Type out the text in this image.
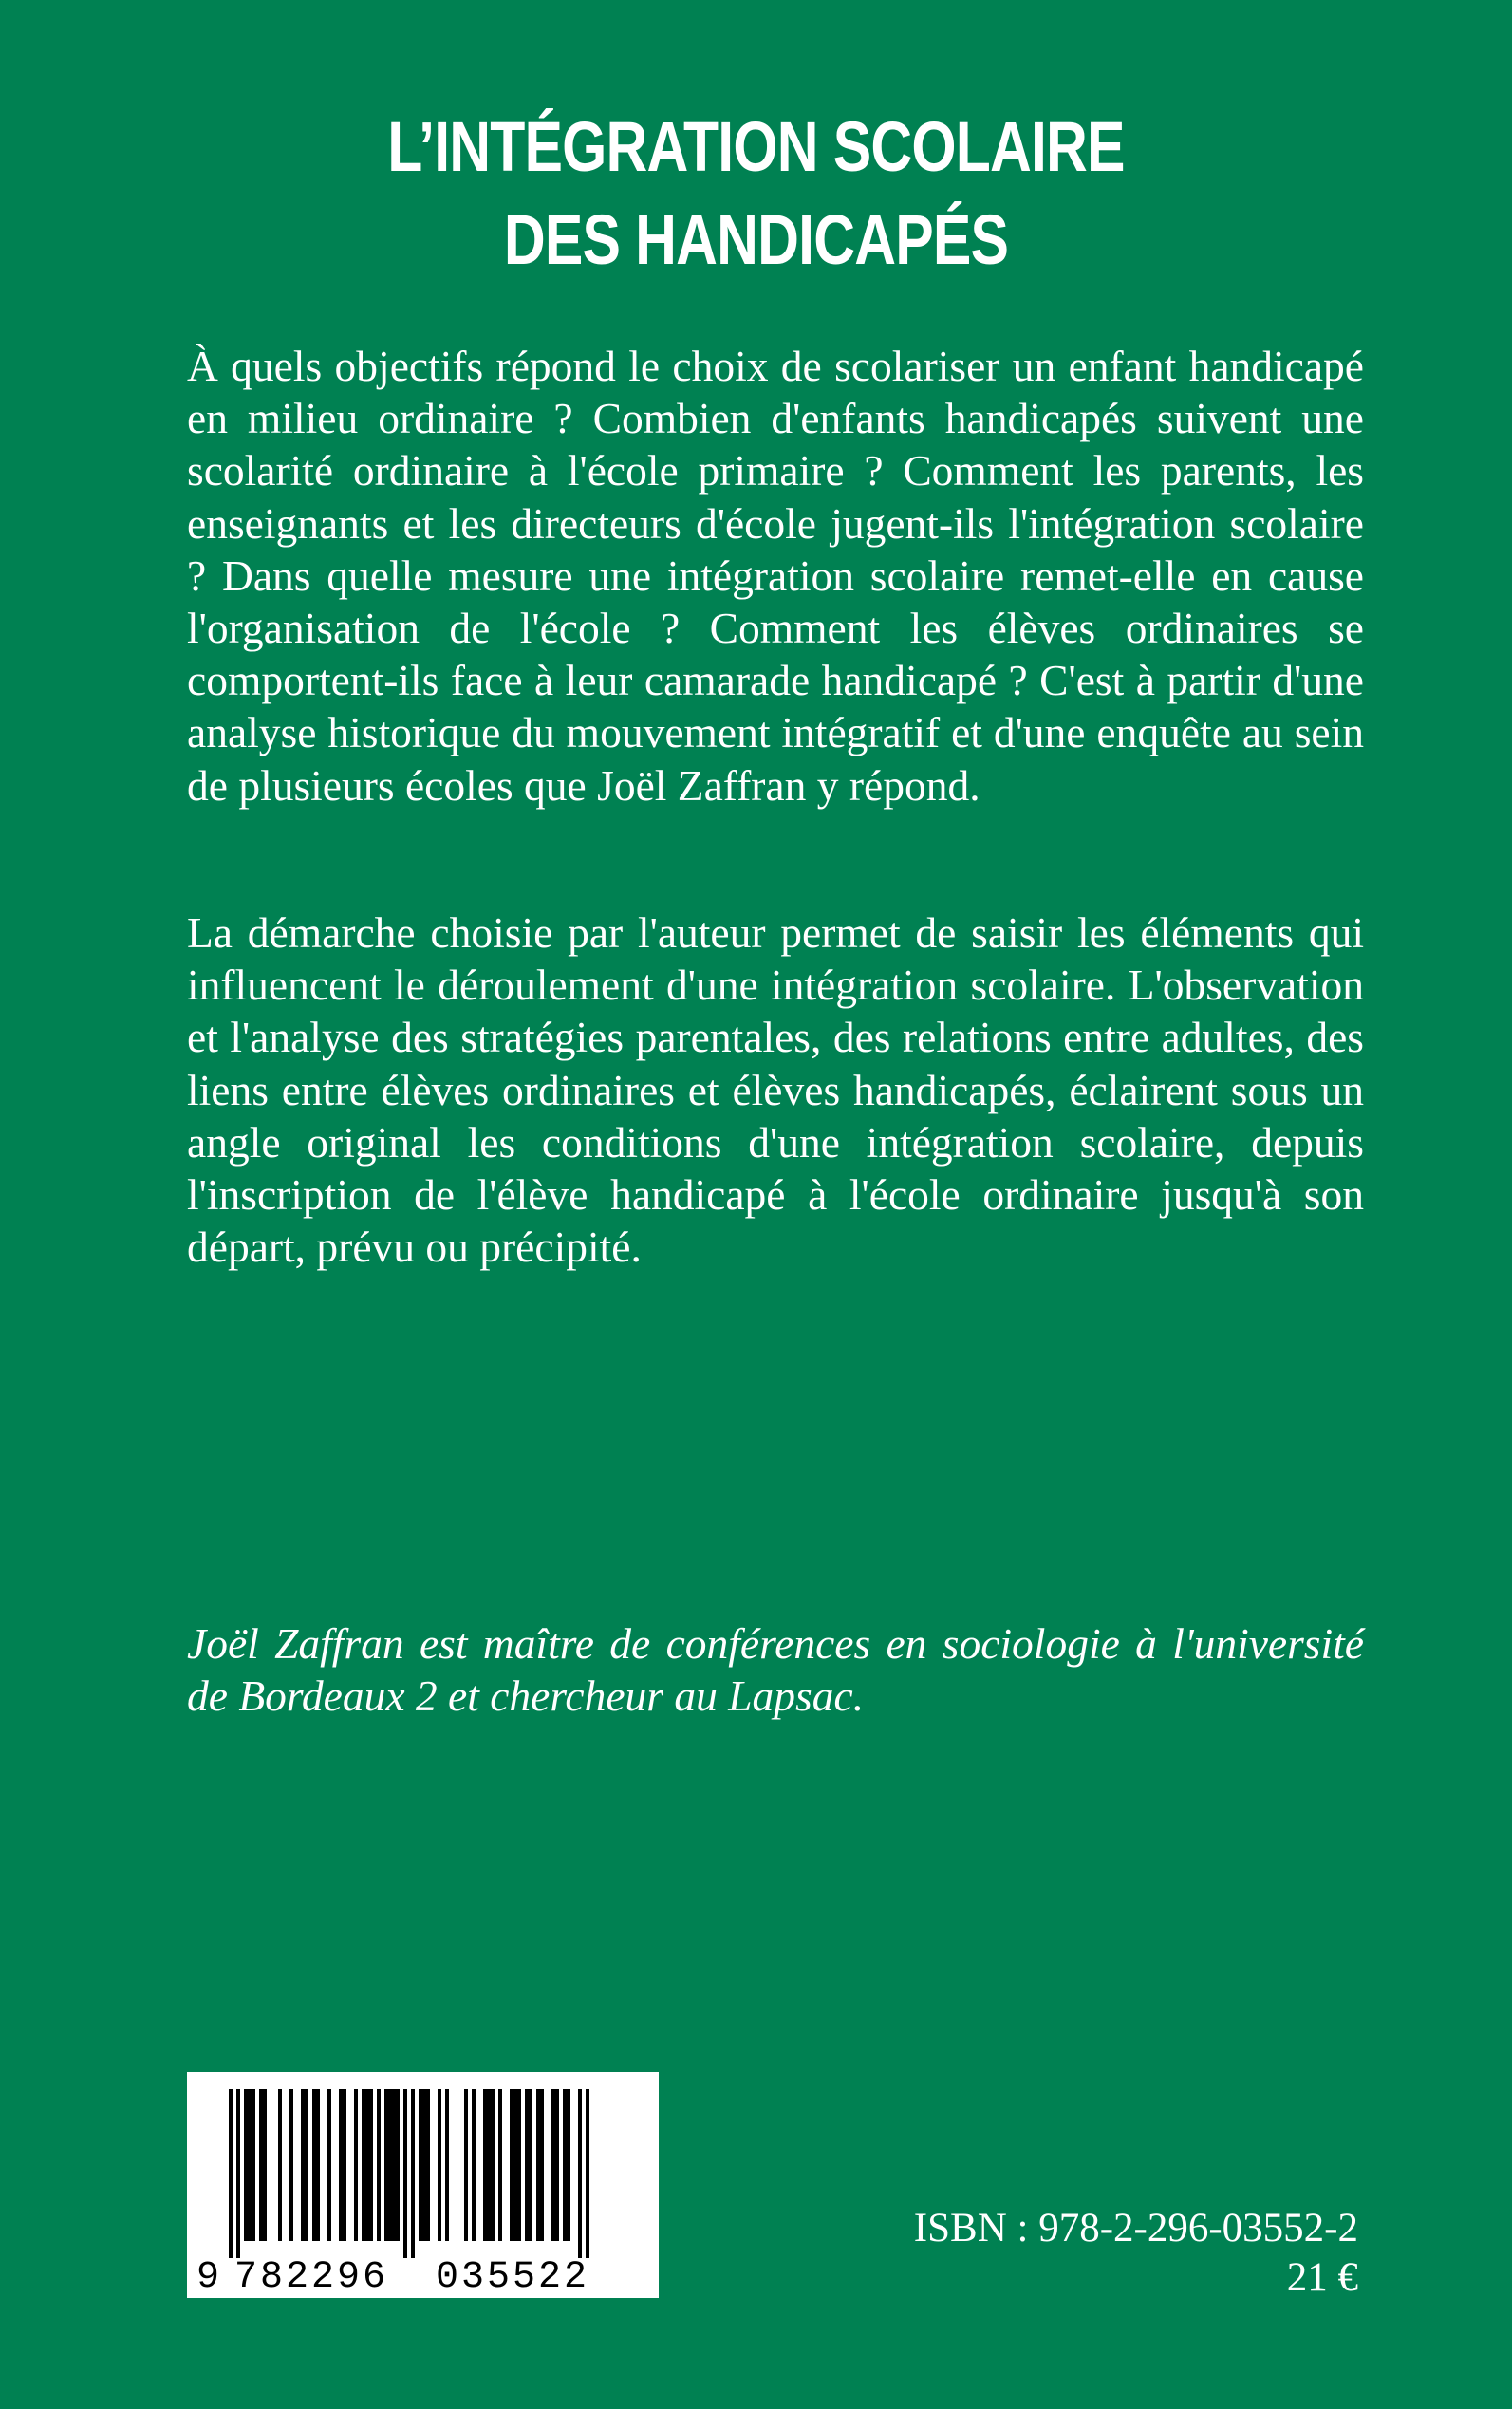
L’INTÉGRATION SCOLAIRE
DES HANDICAPÉS

À quels objectifs répond le choix de scolariser un enfant handicapé en milieu ordinaire ? Combien d'enfants handicapés suivent une scolarité ordinaire à l'école primaire ? Comment les parents, les enseignants et les directeurs d'école jugent-ils l'intégration scolaire ? Dans quelle mesure une intégration scolaire remet-elle en cause l'organisation de l'école ? Comment les élèves ordinaires se comportent-ils face à leur camarade handicapé ? C'est à partir d'une analyse historique du mouvement intégratif et d'une enquête au sein de plusieurs écoles que Joël Zaffran y répond.

La démarche choisie par l'auteur permet de saisir les éléments qui influencent le déroulement d'une intégration scolaire. L'observation et l'analyse des stratégies parentales, des relations entre adultes, des liens entre élèves ordinaires et élèves handicapés, éclairent sous un angle original les conditions d'une intégration scolaire, depuis l'inscription de l'élève handicapé à l'école ordinaire jusqu'à son départ, prévu ou précipité.

Joël Zaffran est maître de conférences en sociologie à l'université de Bordeaux 2 et chercheur au Lapsac.

9 782296 035522
ISBN : 978-2-296-03552-2
21 €
